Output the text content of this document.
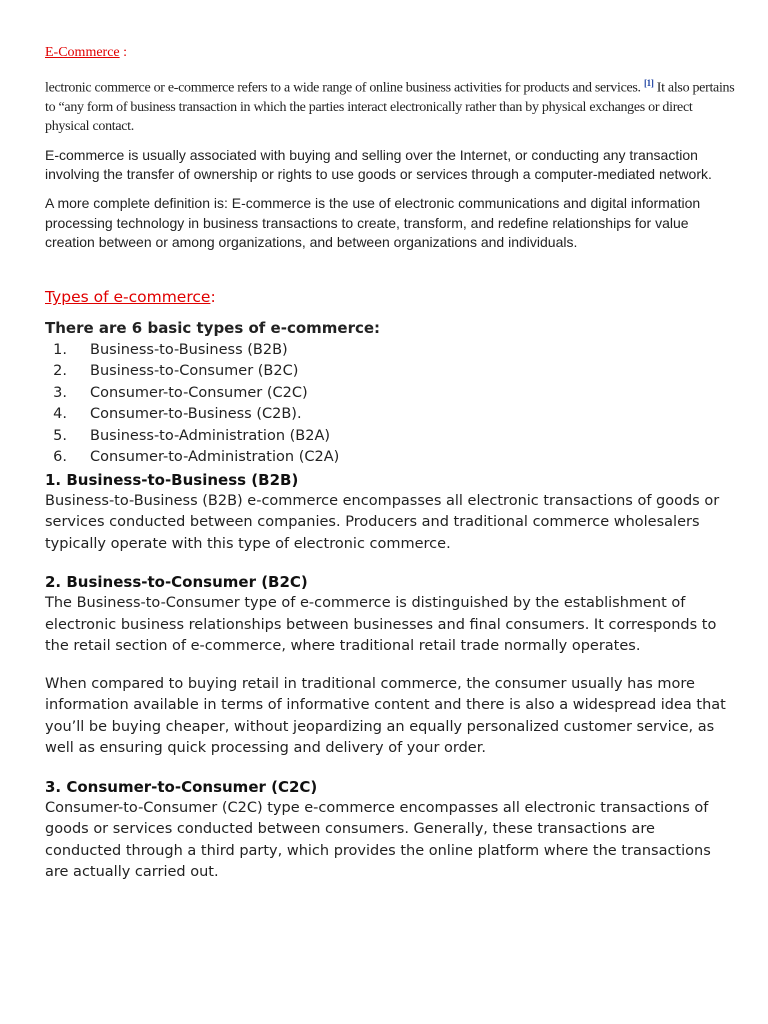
E-Commerce :

lectronic commerce or e-commerce refers to a wide range of online business activities for products and services. [1] It also pertains to “any form of business transaction in which the parties interact electronically rather than by physical exchanges or direct physical contact.

E-commerce is usually associated with buying and selling over the Internet, or conducting any transaction involving the transfer of ownership or rights to use goods or services through a computer-mediated network.

A more complete definition is: E-commerce is the use of electronic communications and digital information processing technology in business transactions to create, transform, and redefine relationships for value creation between or among organizations, and between organizations and individuals.

Types of e-commerce:

There are 6 basic types of e-commerce:

1. Business-to-Business (B2B)
2. Business-to-Consumer (B2C)
3. Consumer-to-Consumer (C2C)
4. Consumer-to-Business (C2B).
5. Business-to-Administration (B2A)
6. Consumer-to-Administration (C2A)
1. Business-to-Business (B2B)

Business-to-Business (B2B) e-commerce encompasses all electronic transactions of goods or services conducted between companies. Producers and traditional commerce wholesalers typically operate with this type of electronic commerce.

2. Business-to-Consumer (B2C)

The Business-to-Consumer type of e-commerce is distinguished by the establishment of electronic business relationships between businesses and final consumers. It corresponds to the retail section of e-commerce, where traditional retail trade normally operates.

When compared to buying retail in traditional commerce, the consumer usually has more information available in terms of informative content and there is also a widespread idea that you’ll be buying cheaper, without jeopardizing an equally personalized customer service, as well as ensuring quick processing and delivery of your order.

3. Consumer-to-Consumer (C2C)

Consumer-to-Consumer (C2C) type e-commerce encompasses all electronic transactions of goods or services conducted between consumers. Generally, these transactions are conducted through a third party, which provides the online platform where the transactions are actually carried out.
